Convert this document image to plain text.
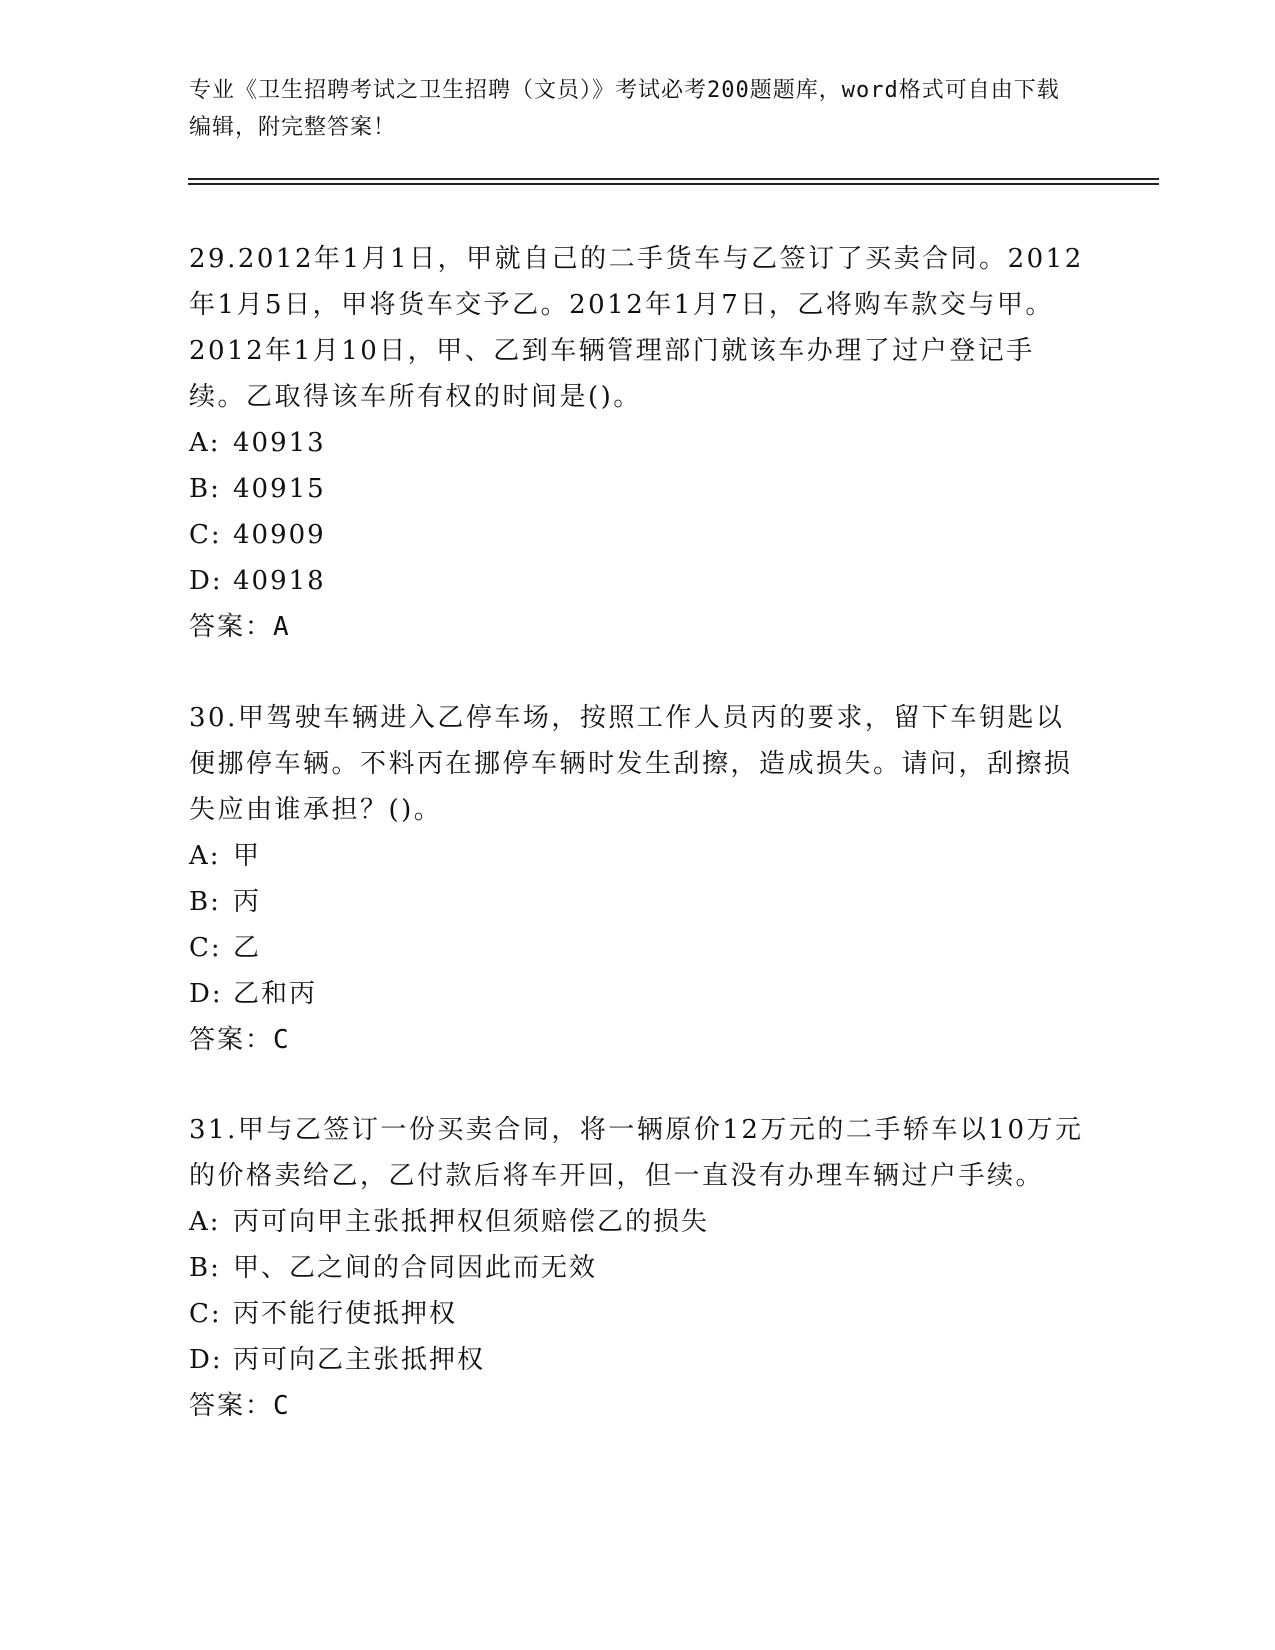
专业《卫生招聘考试之卫生招聘（文员）》考试必考200题题库，word格式可自由下载编辑，附完整答案！

29.2012年1月1日，甲就自己的二手货车与乙签订了买卖合同。2012年1月5日，甲将货车交予乙。2012年1月7日，乙将购车款交与甲。2012年1月10日，甲、乙到车辆管理部门就该车办理了过户登记手续。乙取得该车所有权的时间是()。

A: 40913
B: 40915
C: 40909
D: 40918
答案：A

30.甲驾驶车辆进入乙停车场，按照工作人员丙的要求，留下车钥匙以便挪停车辆。不料丙在挪停车辆时发生刮擦，造成损失。请问，刮擦损失应由谁承担？()。

A: 甲
B: 丙
C: 乙
D: 乙和丙
答案：C

31.甲与乙签订一份买卖合同，将一辆原价12万元的二手轿车以10万元的价格卖给乙，乙付款后将车开回，但一直没有办理车辆过户手续。

A: 丙可向甲主张抵押权但须赔偿乙的损失
B: 甲、乙之间的合同因此而无效
C: 丙不能行使抵押权
D: 丙可向乙主张抵押权
答案：C
